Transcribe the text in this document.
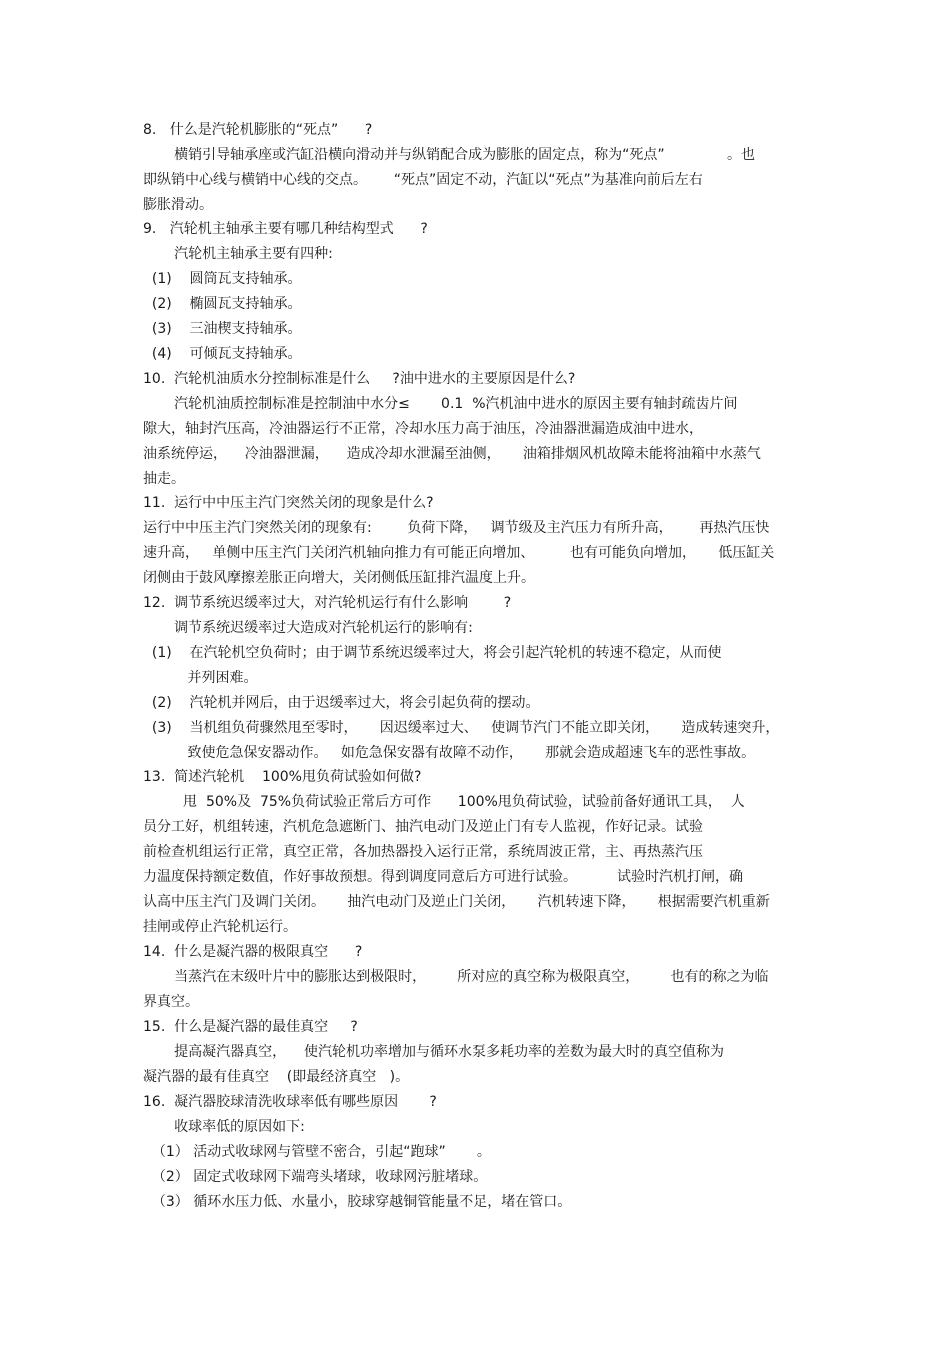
8.   什么是汽轮机膨胀的“死点”      ?
横销引导轴承座或汽缸沿横向滑动并与纵销配合成为膨胀的固定点，称为“死点”              。也
即纵销中心线与横销中心线的交点。      “死点”固定不动，汽缸以“死点”为基准向前后左右
膨胀滑动。
9.   汽轮机主轴承主要有哪几种结构型式      ?
汽轮机主轴承主要有四种:
(1)    圆筒瓦支持轴承。
(2)    椭圆瓦支持轴承。
(3)    三油楔支持轴承。
(4)    可倾瓦支持轴承。
10.  汽轮机油质水分控制标准是什么     ?油中进水的主要原因是什么?
汽轮机油质控制标准是控制油中水分≤       0.1  %汽机油中进水的原因主要有轴封疏齿片间
隙大，轴封汽压高，冷油器运行不正常，冷却水压力高于油压，冷油器泄漏造成油中进水，
油系统停运，    冷油器泄漏，    造成冷却水泄漏至油侧，     油箱排烟风机故障未能将油箱中水蒸气
抽走。
11.  运行中中压主汽门突然关闭的现象是什么?
运行中中压主汽门突然关闭的现象有:        负荷下降，   调节级及主汽压力有所升高，      再热汽压快
速升高，   单侧中压主汽门关闭汽机轴向推力有可能正向增加、        也有可能负向增加，     低压缸关
闭侧由于鼓风摩擦差胀正向增大，关闭侧低压缸排汽温度上升。
12.  调节系统迟缓率过大，对汽轮机运行有什么影响        ?
调节系统迟缓率过大造成对汽轮机运行的影响有:
(1)    在汽轮机空负荷时；由于调节系统迟缓率过大，将会引起汽轮机的转速不稳定，从而使
并列困难。
(2)    汽轮机并网后，由于迟缓率过大，将会引起负荷的摆动。
(3)    当机组负荷骤然甩至零时，     因迟缓率过大、   使调节汽门不能立即关闭，     造成转速突升，
致使危急保安器动作。   如危急保安器有故障不动作，     那就会造成超速飞车的恶性事故。
13.  简述汽轮机    100%甩负荷试验如何做?
甩  50%及  75%负荷试验正常后方可作      100%甩负荷试验，试验前备好通讯工具，  人
员分工好，机组转速，汽机危急遮断门、抽汽电动门及逆止门有专人监视，作好记录。试验
前检查机组运行正常，真空正常，各加热器投入运行正常，系统周波正常，主、再热蒸汽压
力温度保持额定数值，作好事故预想。得到调度同意后方可进行试验。         试验时汽机打闸，确
认高中压主汽门及调门关闭。     抽汽电动门及逆止门关闭，     汽机转速下降，     根据需要汽机重新
挂闸或停止汽轮机运行。
14.  什么是凝汽器的极限真空      ?
当蒸汽在末级叶片中的膨胀达到极限时，       所对应的真空称为极限真空，       也有的称之为临
界真空。
15.  什么是凝汽器的最佳真空     ?
提高凝汽器真空，    使汽轮机功率增加与循环水泵多耗功率的差数为最大时的真空值称为
凝汽器的最有佳真空    (即最经济真空   )。
16.  凝汽器胶球清洗收球率低有哪些原因       ?
收球率低的原因如下:
（1） 活动式收球网与管壁不密合，引起“跑球”       。
（2） 固定式收球网下端弯头堵球，收球网污脏堵球。
（3） 循环水压力低、水量小，胶球穿越铜管能量不足，堵在管口。
